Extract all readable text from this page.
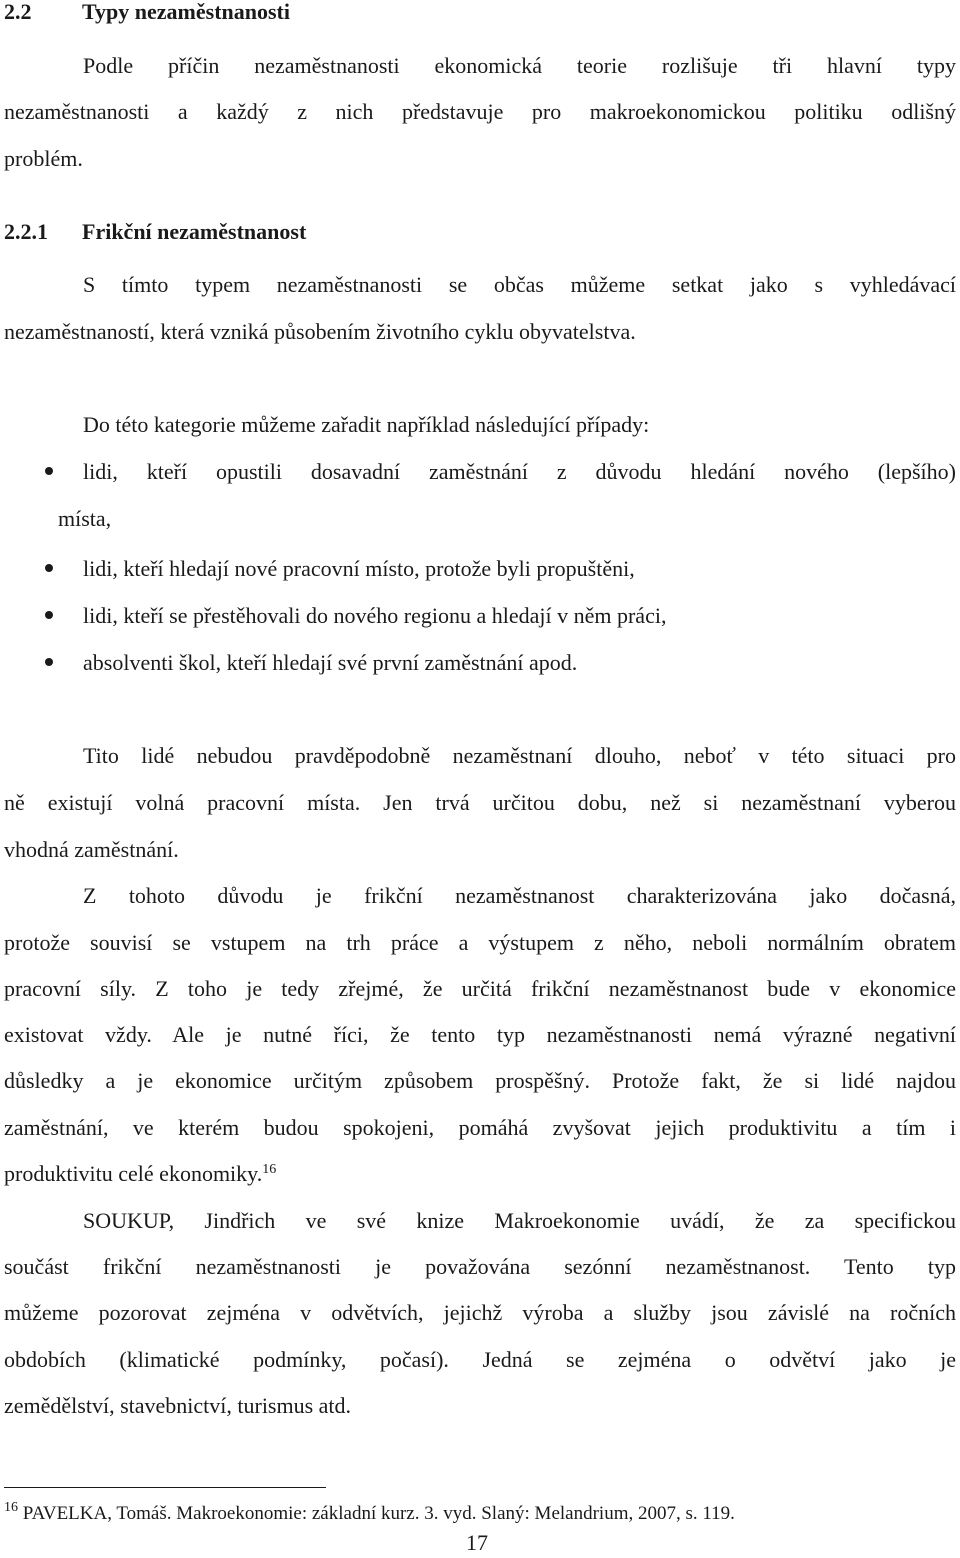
2.2 Typy nezaměstnanosti
Podle příčin nezaměstnanosti ekonomická teorie rozlišuje tři hlavní typy
nezaměstnanosti a každý z nich představuje pro makroekonomickou politiku odlišný
problém.
2.2.1 Frikční nezaměstnanost
S tímto typem nezaměstnanosti se občas můžeme setkat jako s vyhledávací
nezaměstnaností, která vzniká působením životního cyklu obyvatelstva.
Do této kategorie můžeme zařadit například následující případy:
lidi, kteří opustili dosavadní zaměstnání z důvodu hledání nového (lepšího)
místa,
lidi, kteří hledají nové pracovní místo, protože byli propuštěni,
lidi, kteří se přestěhovali do nového regionu a hledají v něm práci,
absolventi škol, kteří hledají své první zaměstnání apod.
Tito lidé nebudou pravděpodobně nezaměstnaní dlouho, neboť v této situaci pro
ně existují volná pracovní místa. Jen trvá určitou dobu, než si nezaměstnaní vyberou
vhodná zaměstnání.
Z tohoto důvodu je frikční nezaměstnanost charakterizována jako dočasná,
protože souvisí se vstupem na trh práce a výstupem z něho, neboli normálním obratem
pracovní síly. Z toho je tedy zřejmé, že určitá frikční nezaměstnanost bude v ekonomice
existovat vždy. Ale je nutné říci, že tento typ nezaměstnanosti nemá výrazné negativní
důsledky a je ekonomice určitým způsobem prospěšný. Protože fakt, že si lidé najdou
zaměstnání, ve kterém budou spokojeni, pomáhá zvyšovat jejich produktivitu a tím i
produktivitu celé ekonomiky.$^{16}$
SOUKUP, Jindřich ve své knize Makroekonomie uvádí, že za specifickou
součást frikční nezaměstnanosti je považována sezónní nezaměstnanost. Tento typ
můžeme pozorovat zejména v odvětvích, jejichž výroba a služby jsou závislé na ročních
obdobích (klimatické podmínky, počasí). Jedná se zejména o odvětví jako je
zemědělství, stavebnictví, turismus atd.
$^{16}$ PAVELKA, Tomáš. Makroekonomie: základní kurz. 3. vyd. Slaný: Melandrium, 2007, s. 119.
17
